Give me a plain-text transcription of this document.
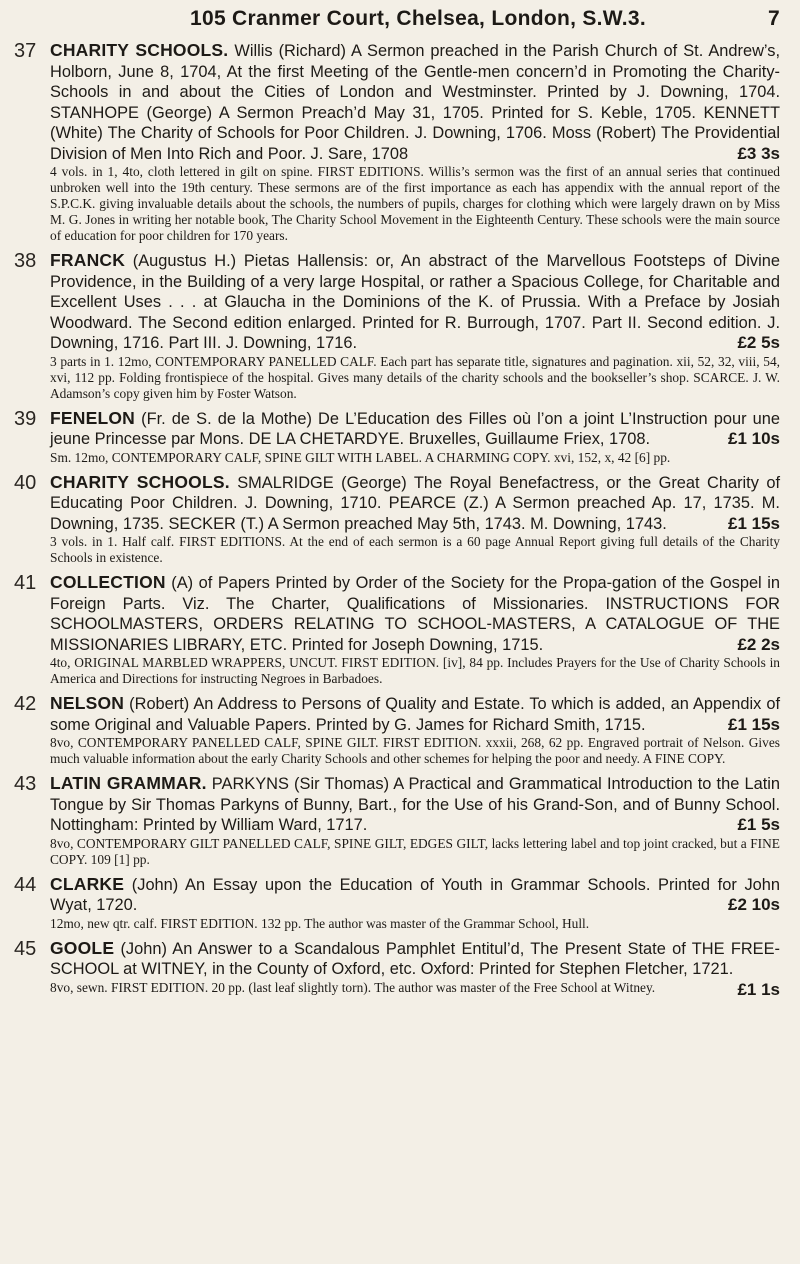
105 Cranmer Court, Chelsea, London, S.W.3.	7
37 CHARITY SCHOOLS. Willis (Richard) A Sermon preached in the Parish Church of St. Andrew’s, Holborn, June 8, 1704, At the first Meeting of the Gentle-men concern’d in Promoting the Charity-Schools in and about the Cities of London and Westminster. Printed by J. Downing, 1704. STANHOPE (George) A Sermon Preach’d May 31, 1705. Printed for S. Keble, 1705. KENNETT (White) The Charity of Schools for Poor Children. J. Downing, 1706. Moss (Robert) The Providential Division of Men Into Rich and Poor. J. Sare, 1708	£3 3s

4 vols. in 1, 4to, cloth lettered in gilt on spine. FIRST EDITIONS. Willis’s sermon was the first of an annual series that continued unbroken well into the 19th century. These sermons are of the first importance as each has appendix with the annual report of the S.P.C.K. giving invaluable details about the schools, the numbers of pupils, charges for clothing which were largely drawn on by Miss M. G. Jones in writing her notable book, The Charity School Movement in the Eighteenth Century. These schools were the main source of education for poor children for 170 years.

38 FRANCK (Augustus H.) Pietas Hallensis: or, An abstract of the Marvellous Footsteps of Divine Providence, in the Building of a very large Hospital, or rather a Spacious College, for Charitable and Excellent Uses . . . at Glaucha in the Dominions of the K. of Prussia. With a Preface by Josiah Woodward. The Second edition enlarged. Printed for R. Burrough, 1707. Part II. Second edition. J. Downing, 1716. Part III. J. Downing, 1716.	£2 5s

3 parts in 1. 12mo, CONTEMPORARY PANELLED CALF. Each part has separate title, signatures and pagination. xii, 52, 32, viii, 54, xvi, 112 pp. Folding frontispiece of the hospital. Gives many details of the charity schools and the bookseller’s shop. SCARCE. J. W. Adamson’s copy given him by Foster Watson.

39 FENELON (Fr. de S. de la Mothe) De L’Education des Filles où l’on a joint L’Instruction pour une jeune Princesse par Mons. DE LA CHETARDYE. Bruxelles, Guillaume Friex, 1708.	£1 10s

Sm. 12mo, CONTEMPORARY CALF, SPINE GILT WITH LABEL. A CHARMING COPY. xvi, 152, x, 42 [6] pp.

40 CHARITY SCHOOLS. SMALRIDGE (George) The Royal Benefactress, or the Great Charity of Educating Poor Children. J. Downing, 1710. PEARCE (Z.) A Sermon preached Ap. 17, 1735. M. Downing, 1735. SECKER (T.) A Sermon preached May 5th, 1743. M. Downing, 1743.	£1 15s

3 vols. in 1. Half calf. FIRST EDITIONS. At the end of each sermon is a 60 page Annual Report giving full details of the Charity Schools in existence.

41 COLLECTION (A) of Papers Printed by Order of the Society for the Propa-gation of the Gospel in Foreign Parts. Viz. The Charter, Qualifications of Missionaries. INSTRUCTIONS FOR SCHOOLMASTERS, ORDERS RELATING TO SCHOOL-MASTERS, A CATALOGUE OF THE MISSIONARIES LIBRARY, ETC. Printed for Joseph Downing, 1715.	£2 2s

4to, ORIGINAL MARBLED WRAPPERS, UNCUT. FIRST EDITION. [iv], 84 pp. Includes Prayers for the Use of Charity Schools in America and Directions for instructing Negroes in Barbadoes.

42 NELSON (Robert) An Address to Persons of Quality and Estate. To which is added, an Appendix of some Original and Valuable Papers. Printed by G. James for Richard Smith, 1715.	£1 15s

8vo, CONTEMPORARY PANELLED CALF, SPINE GILT. FIRST EDITION. xxxii, 268, 62 pp. Engraved portrait of Nelson. Gives much valuable information about the early Charity Schools and other schemes for helping the poor and needy. A FINE COPY.

43 LATIN GRAMMAR. PARKYNS (Sir Thomas) A Practical and Grammatical Introduction to the Latin Tongue by Sir Thomas Parkyns of Bunny, Bart., for the Use of his Grand-Son, and of Bunny School. Nottingham: Printed by William Ward, 1717.	£1 5s

8vo, CONTEMPORARY GILT PANELLED CALF, SPINE GILT, EDGES GILT, lacks lettering label and top joint cracked, but a FINE COPY. 109 [1] pp.

44 CLARKE (John) An Essay upon the Education of Youth in Grammar Schools. Printed for John Wyat, 1720.	£2 10s

12mo, new qtr. calf. FIRST EDITION. 132 pp. The author was master of the Grammar School, Hull.

45 GOOLE (John) An Answer to a Scandalous Pamphlet Entitul’d, The Present State of THE FREE-SCHOOL at WITNEY, in the County of Oxford, etc. Oxford: Printed for Stephen Fletcher, 1721.
£1 1s

8vo, sewn. FIRST EDITION. 20 pp. (last leaf slightly torn). The author was master of the Free School at Witney.
